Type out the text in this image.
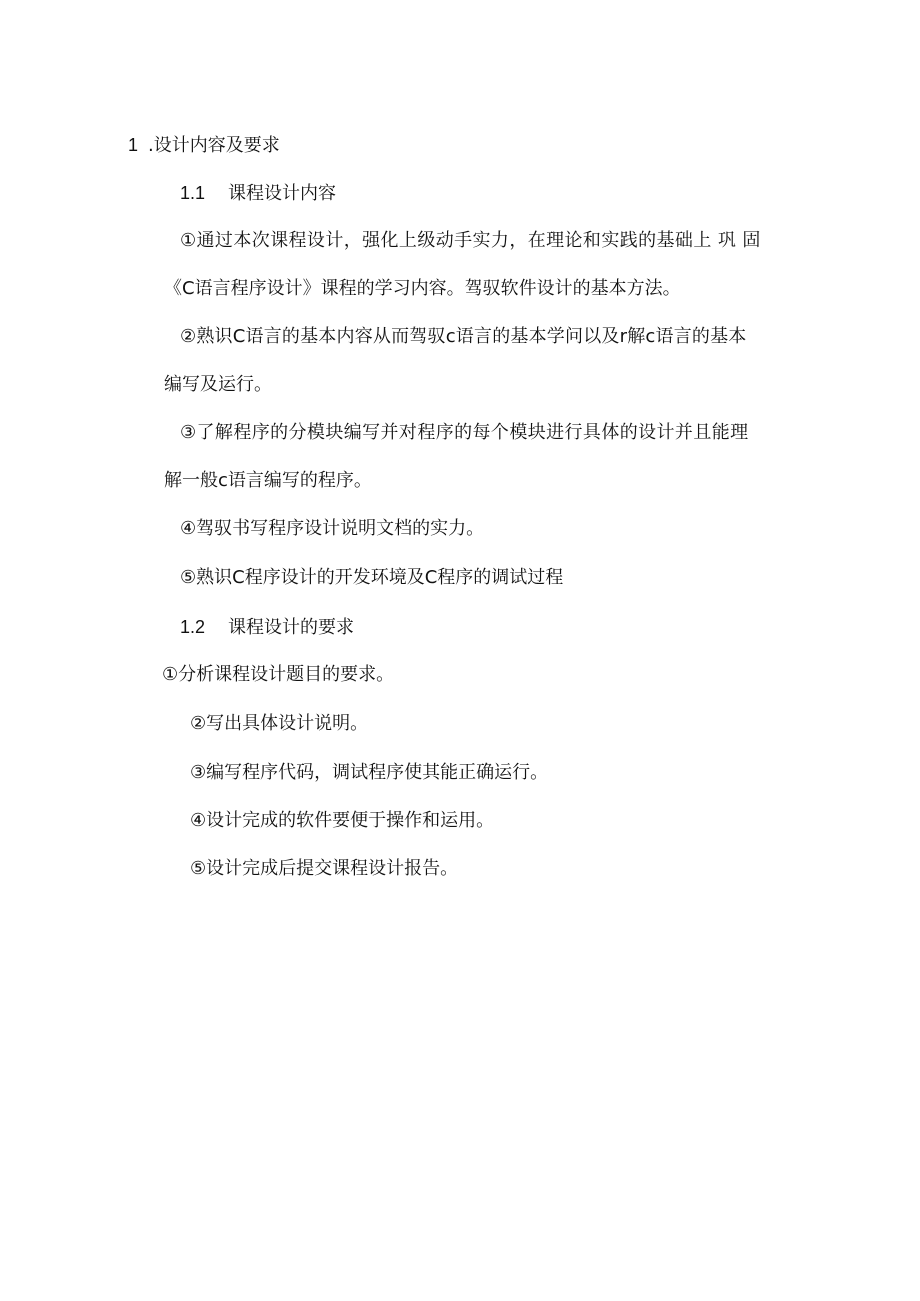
1 .设计内容及要求
1.1 课程设计内容
①通过本次课程设计，强化上级动手实力，在理论和实践的基础上 巩 固
《C语言程序设计》课程的学习内容。驾驭软件设计的基本方法。
②熟识C语言的基本内容从而驾驭c语言的基本学问以及r解c语言的基本
编写及运行。
③了解程序的分模块编写并对程序的每个模块进行具体的设计并且能理
解一般c语言编写的程序。
④驾驭书写程序设计说明文档的实力。
⑤熟识C程序设计的开发环境及C程序的调试过程
1.2 课程设计的要求
①分析课程设计题目的要求。
②写出具体设计说明。
③编写程序代码，调试程序使其能正确运行。
④设计完成的软件要便于操作和运用。
⑤设计完成后提交课程设计报告。
